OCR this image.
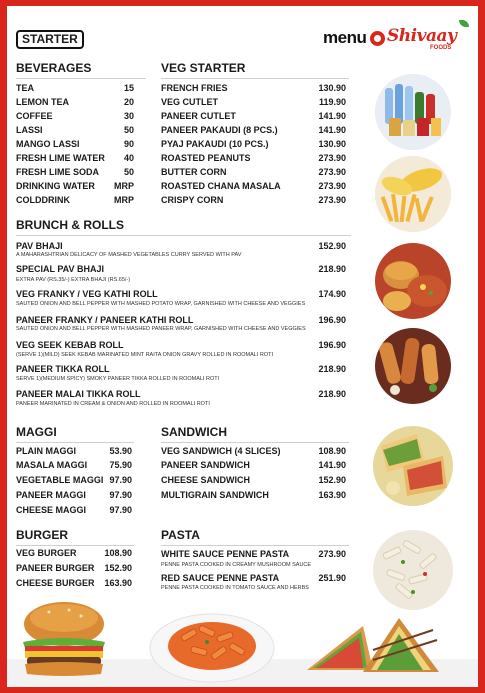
STARTER	menu Shivaay
FOODS
BEVERAGES
TEA	15
LEMON TEA	20
COFFEE	30
LASSI	50
MANGO LASSI	90
FRESH LIME WATER 40
FRESH LIME SODA	50
DRINKING WATER MRP
COLDDRINK	MRP
VEG STARTER
FRENCH FRIES	130.90
VEG CUTLET	119.90
PANEER CUTLET	141.90
PANEER PAKAUDI (8 PCS.)	141.90
PYAJ PAKAUDI (10 PCS.)	130.90
ROASTED PEANUTS	273.90
BUTTER CORN	273.90
ROASTED CHANA MASALA	273.90
CRISPY CORN	273.90
BRUNCH & ROLLS
PAV BHAJI	152.90
A MAHARASHTRIAN DELICACY OF MASHED VEGETABLES CURRY SERVED WITH PAV
SPECIAL PAV BHAJI	218.90
EXTRA PAV (RS.35/-) EXTRA BHAJI (RS.65/-)
VEG FRANKY / VEG KATHI ROLL	174.90
SAUTED ONION AND BELL PEPPER WITH MASHED POTATO WRAP, GARNISHED WITH CHEESE AND VEGGIES
PANEER FRANKY / PANEER KATHI ROLL	196.90
SAUTED ONION AND BELL PEPPER WITH MASHED PANEER WRAP, GARNISHED WITH CHEESE AND VEGGIES
VEG SEEK KEBAB ROLL	196.90
(SERVE 1)(MILD) SEEK KEBAB MARINATED MINT RAITA ONION GRAVY ROLLED IN ROOMALI ROTI
PANEER TIKKA ROLL	218.90
SERVE 1)(MEDIUM SPICY) SMOKY PANEER TIKKA ROLLED IN ROOMALI ROTI
PANEER MALAI TIKKA ROLL	218.90
PANEER MARINATED IN CREAM & ONION AND ROLLED IN ROOMALI ROTI
MAGGI
PLAIN MAGGI	53.90
MASALA MAGGI 75.90
VEGETABLE MAGGI 97.90
PANEER MAGGI	97.90
CHEESE MAGGI	97.90
SANDWICH
VEG SANDWICH (4 SLICES)	108.90
PANEER SANDWICH	141.90
CHEESE SANDWICH	152.90
MULTIGRAIN SANDWICH	163.90
BURGER
VEG BURGER	108.90
PANEER BURGER 152.90
CHEESE BURGER 163.90
PASTA
WHITE SAUCE PENNE PASTA	273.90
PENNE PASTA COOKED IN CREAMY MUSHROOM SAUCE
RED SAUCE PENNE PASTA	251.90
PENNE PASTA COOKED IN TOMATO SAUCE AND HERBS
